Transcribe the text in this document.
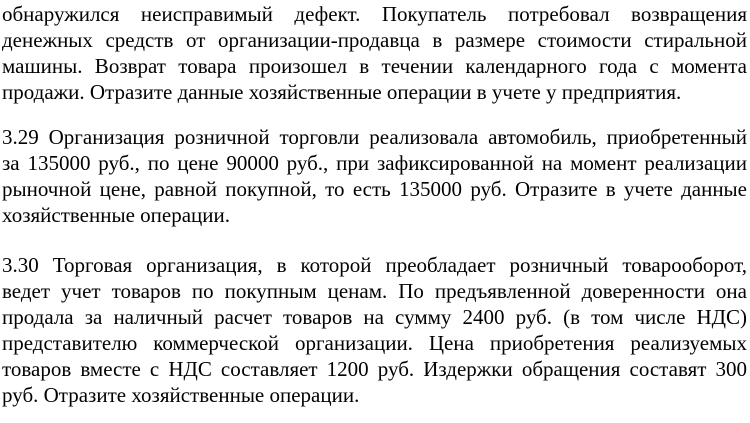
обнаружился неисправимый дефект. Покупатель потребовал возвращения
денежных средств от организации-продавца в размере стоимости стиральной
машины. Возврат товара произошел в течении календарного года с момента
продажи. Отразите данные хозяйственные операции в учете у предприятия.
3.29 Организация розничной торговли реализовала автомобиль, приобретенный
за 135000 руб., по цене 90000 руб., при зафиксированной на момент реализации
рыночной цене, равной покупной, то есть 135000 руб. Отразите в учете данные
хозяйственные операции.
3.30 Торговая организация, в которой преобладает розничный товарооборот,
ведет учет товаров по покупным ценам. По предъявленной доверенности она
продала за наличный расчет товаров на сумму 2400 руб. (в том числе НДС)
представителю коммерческой организации. Цена приобретения реализуемых
товаров вместе с НДС составляет 1200 руб. Издержки обращения составят 300
руб. Отразите хозяйственные операции.
